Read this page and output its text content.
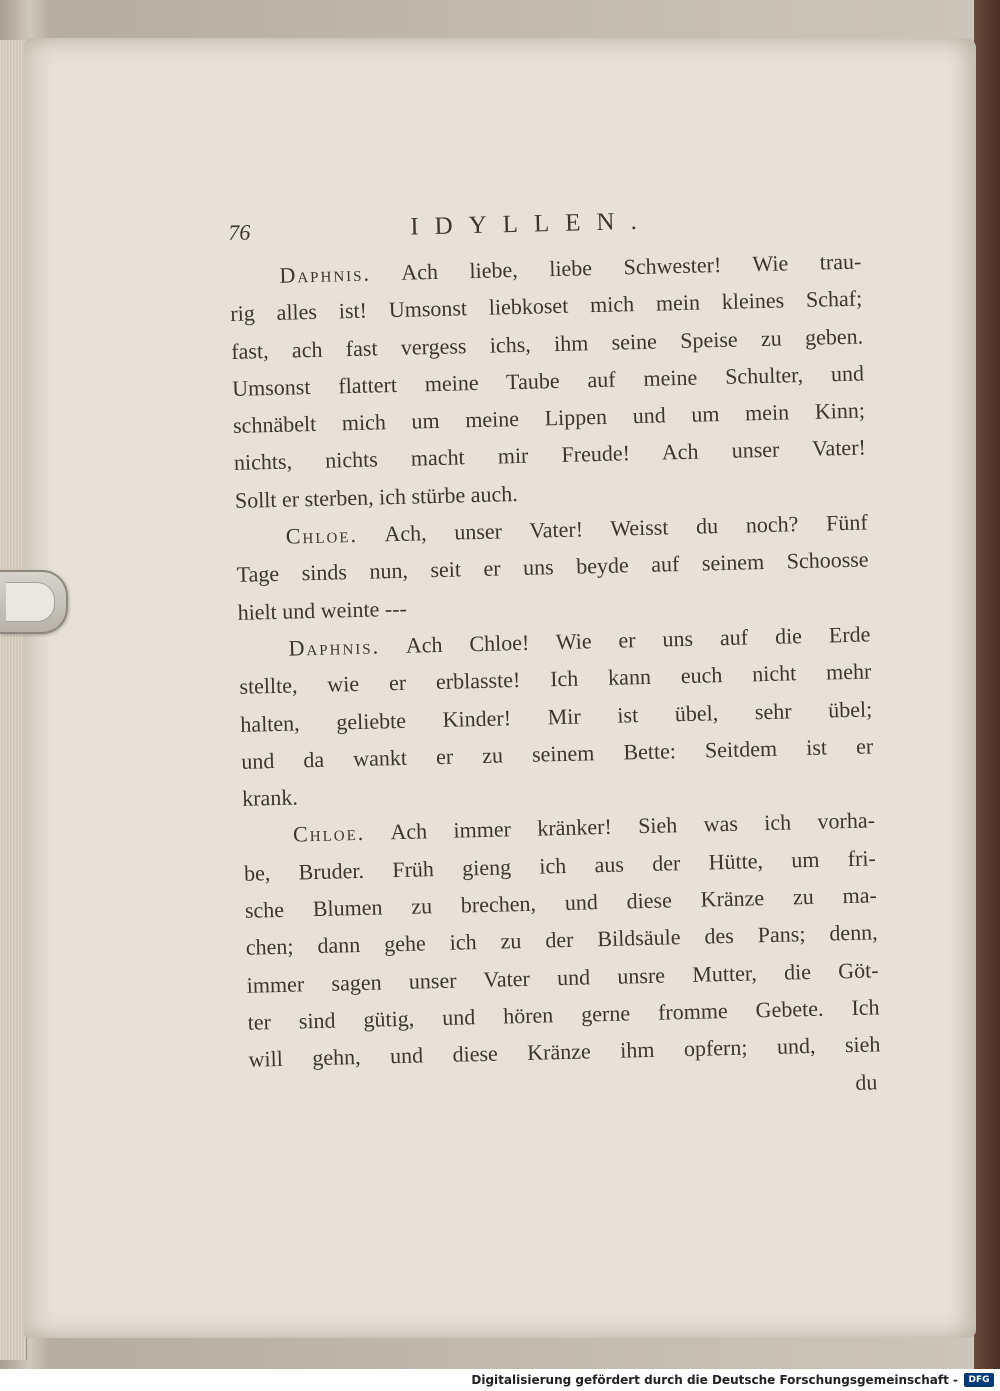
76	IDYLLEN.
Daphnis. Ach liebe, liebe Schwester! Wie trau-
rig alles ist! Umsonst liebkoset mich mein kleines Schaf;
fast, ach fast vergess ichs, ihm seine Speise zu geben.
Umsonst flattert meine Taube auf meine Schulter, und
schnäbelt mich um meine Lippen und um mein Kinn;
nichts, nichts macht mir Freude! Ach unser Vater!
Sollt er sterben, ich stürbe auch.
Chloe. Ach, unser Vater! Weisst du noch? Fünf
Tage sinds nun, seit er uns beyde auf seinem Schoosse
hielt und weinte ---
Daphnis. Ach Chloe! Wie er uns auf die Erde
stellte, wie er erblasste! Ich kann euch nicht mehr
halten, geliebte Kinder! Mir ist übel, sehr übel;
und da wankt er zu seinem Bette: Seitdem ist er
krank.
Chloe. Ach immer kränker! Sieh was ich vorha-
be, Bruder. Früh gieng ich aus der Hütte, um fri-
sche Blumen zu brechen, und diese Kränze zu ma-
chen; dann gehe ich zu der Bildsäule des Pans; denn,
immer sagen unser Vater und unsre Mutter, die Göt-
ter sind gütig, und hören gerne fromme Gebete. Ich
will gehn, und diese Kränze ihm opfern; und, sieh
du
Digitalisierung gefördert durch die Deutsche Forschungsgemeinschaft -	DFG
